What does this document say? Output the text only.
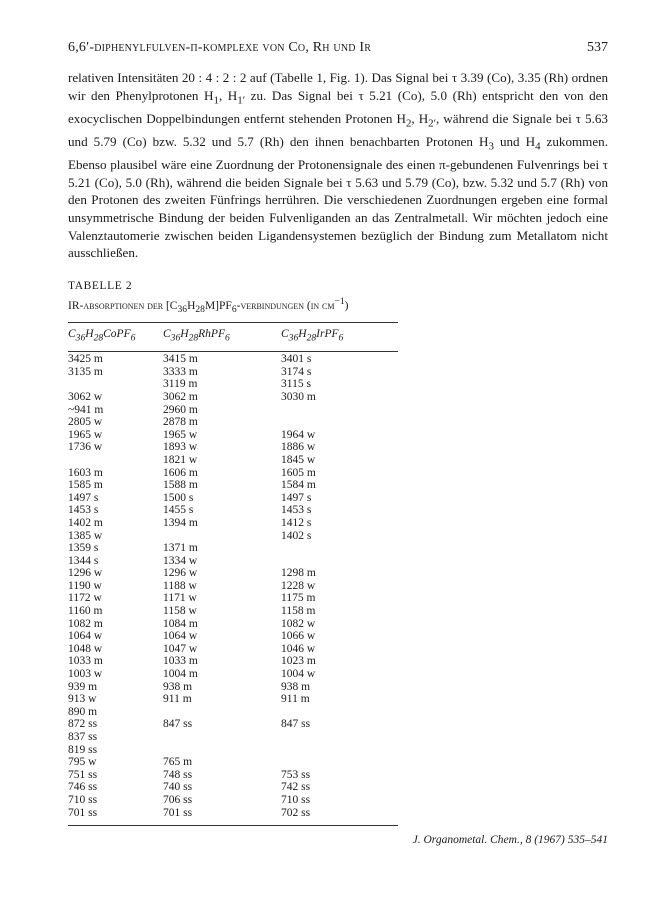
6,6′-diphenylfulven-π-komplexe von Co, Rh und Ir	537

relativen Intensitäten 20 : 4 : 2 : 2 auf (Tabelle 1, Fig. 1). Das Signal bei τ 3.39 (Co), 3.35 (Rh) ordnen wir den Phenylprotonen $H_1$, $H_{1'}$ zu. Das Signal bei τ 5.21 (Co), 5.0 (Rh) entspricht den von den exocyclischen Doppelbindungen entfernt stehenden Protonen $H_2$, $H_{2'}$, während die Signale bei τ 5.63 und 5.79 (Co) bzw. 5.32 und 5.7 (Rh) den ihnen benachbarten Protonen $H_3$ und $H_4$ zukommen. Ebenso plausibel wäre eine Zuordnung der Protonensignale des einen π-gebundenen Fulvenrings bei τ 5.21 (Co), 5.0 (Rh), während die beiden Signale bei τ 5.63 und 5.79 (Co), bzw. 5.32 und 5.7 (Rh) von den Protonen des zweiten Fünfrings herrühren. Die verschiedenen Zuordnungen ergeben eine formal unsymmetrische Bindung der beiden Fulvenliganden an das Zentralmetall. Wir möchten jedoch eine Valenztautomerie zwischen beiden Ligandensystemen bezüglich der Bindung zum Metallatom nicht ausschließen.

TABELLE 2
IR-absorptionen der $[C_{36}H_{28}M]PF_6$-verbindungen (in $cm^{-1}$)
$C_{36}H_{28}CoPF_6$	$C_{36}H_{28}RhPF_6$	$C_{36}H_{28}IrPF_6$

3425 m	3415 m	3401 s
3135 m	3333 m	3174 s
	3119 m	3115 s
3062 w	3062 m	3030 m
~941 m	2960 m	
2805 w	2878 m	
1965 w	1965 w	1964 w
1736 w	1893 w	1886 w
	1821 w	1845 w
1603 m	1606 m	1605 m
1585 m	1588 m	1584 m
1497 s	1500 s	1497 s
1453 s	1455 s	1453 s
1402 m	1394 m	1412 s
1385 w		1402 s
1359 s	1371 m	
1344 s	1334 w	
1296 w	1296 w	1298 m
1190 w	1188 w	1228 w
1172 w	1171 w	1175 m
1160 m	1158 w	1158 m
1082 m	1084 m	1082 w
1064 w	1064 w	1066 w
1048 w	1047 w	1046 w
1033 m	1033 m	1023 m
1003 w	1004 m	1004 w
939 m	938 m	938 m
913 w	911 m	911 m
890 m		
872 ss	847 ss	847 ss
837 ss		
819 ss		
795 w	765 m	
751 ss	748 ss	753 ss
746 ss	740 ss	742 ss
710 ss	706 ss	710 ss
701 ss	701 ss	702 ss
J. Organometal. Chem., 8 (1967) 535–541
